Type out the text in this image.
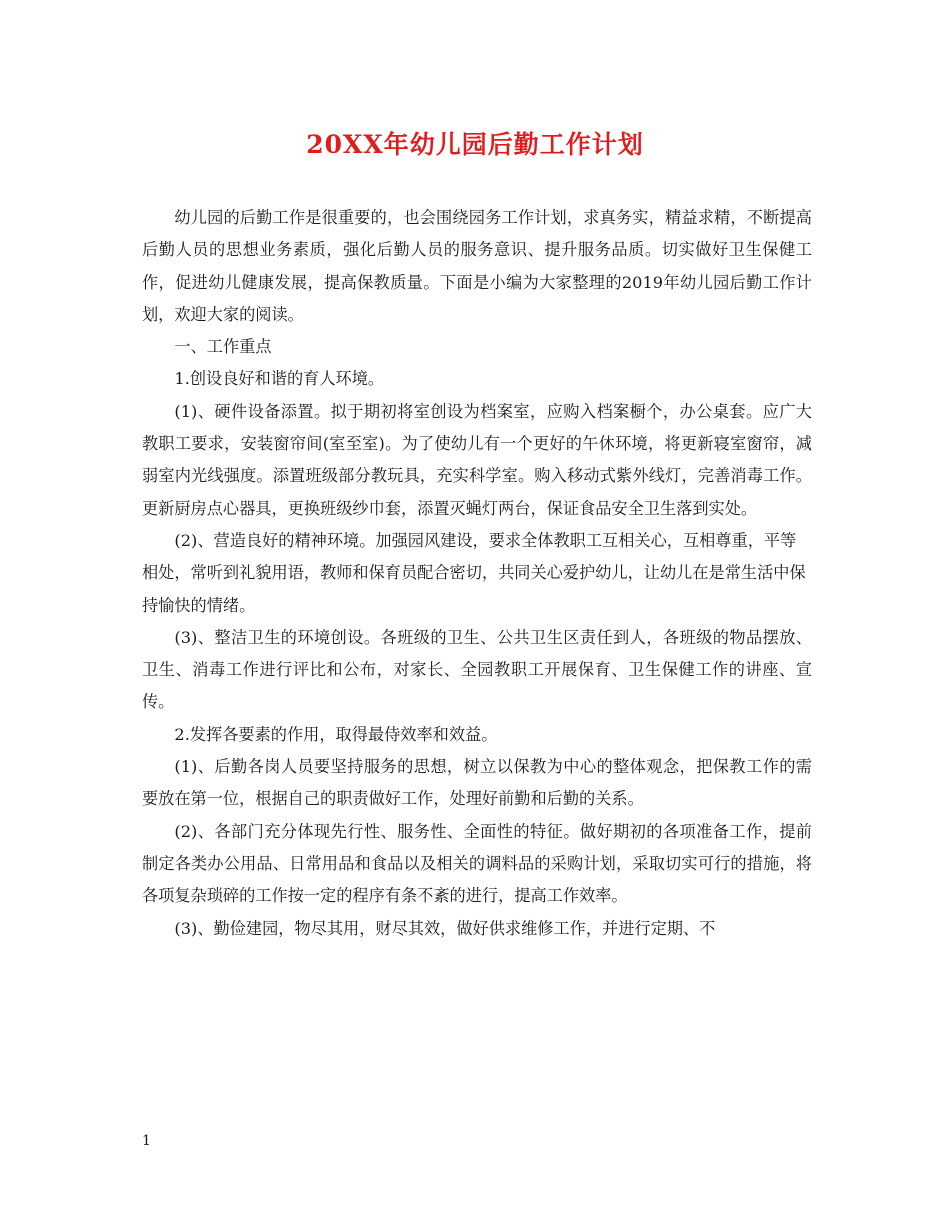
20XX年幼儿园后勤工作计划

幼儿园的后勤工作是很重要的，也会围绕园务工作计划，求真务实，精益求精，不断提高后勤人员的思想业务素质，强化后勤人员的服务意识、提升服务品质。切实做好卫生保健工作，促进幼儿健康发展，提高保教质量。下面是小编为大家整理的2019年幼儿园后勤工作计划，欢迎大家的阅读。

一、工作重点

1.创设良好和谐的育人环境。

(1)、硬件设备添置。拟于期初将室创设为档案室，应购入档案橱个，办公桌套。应广大教职工要求，安装窗帘间(室至室)。为了使幼儿有一个更好的午休环境，将更新寝室窗帘，减弱室内光线强度。添置班级部分教玩具，充实科学室。购入移动式紫外线灯，完善消毒工作。更新厨房点心器具，更换班级纱巾套，添置灭蝇灯两台，保证食品安全卫生落到实处。

(2)、营造良好的精神环境。加强园风建设，要求全体教职工互相关心，互相尊重，平等相处，常听到礼貌用语，教师和保育员配合密切，共同关心爱护幼儿，让幼儿在是常生活中保持愉快的情绪。

(3)、整洁卫生的环境创设。各班级的卫生、公共卫生区责任到人，各班级的物品摆放、卫生、消毒工作进行评比和公布，对家长、全园教职工开展保育、卫生保健工作的讲座、宣传。

2.发挥各要素的作用，取得最侍效率和效益。

(1)、后勤各岗人员要坚持服务的思想，树立以保教为中心的整体观念，把保教工作的需要放在第一位，根据自己的职责做好工作，处理好前勤和后勤的关系。

(2)、各部门充分体现先行性、服务性、全面性的特征。做好期初的各项准备工作，提前制定各类办公用品、日常用品和食品以及相关的调料品的采购计划，采取切实可行的措施，将各项复杂琐碎的工作按一定的程序有条不紊的进行，提高工作效率。

(3)、勤俭建园，物尽其用，财尽其效，做好供求维修工作，并进行定期、不

1
